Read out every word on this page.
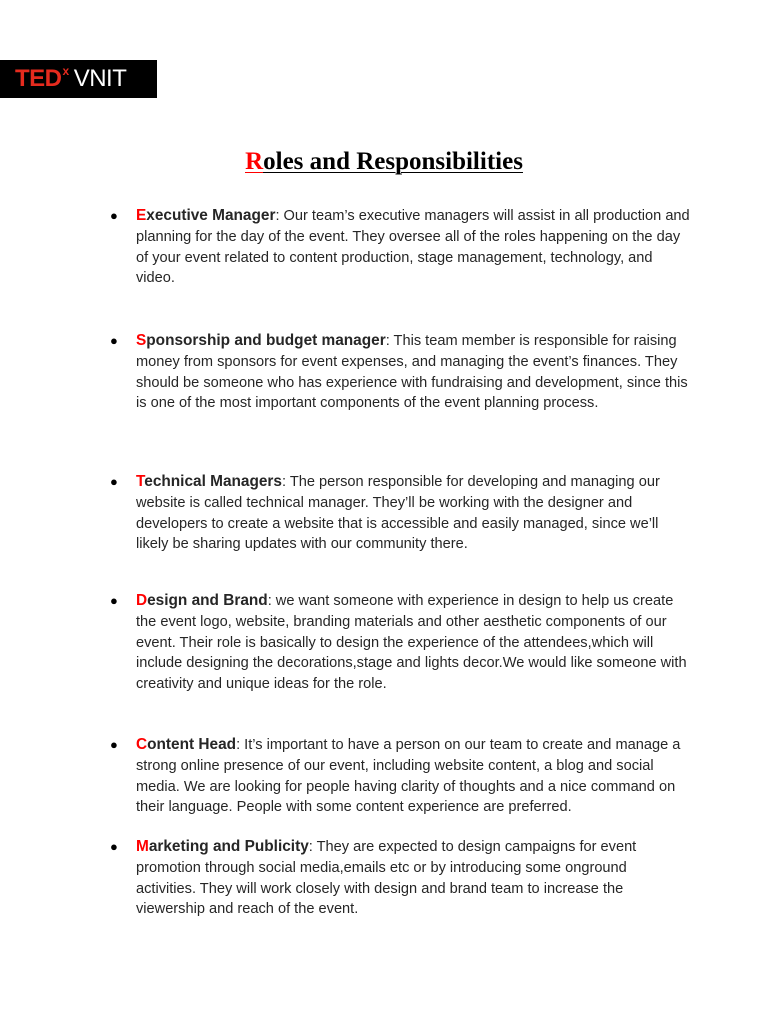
TED x VNIT
Roles and Responsibilities
●	Executive Manager: Our team’s executive managers will assist in all production and planning for the day of the event. They oversee all of the roles happening on the day of your event related to content production, stage management, technology, and video.
●	Sponsorship and budget manager: This team member is responsible for raising money from sponsors for event expenses, and managing the event’s finances. They should be someone who has experience with fundraising and development, since this is one of the most important components of the event planning process.
●	Technical Managers: The person responsible for developing and managing our website is called technical manager. They’ll be working with the designer and developers to create a website that is accessible and easily managed, since we’ll likely be sharing updates with our community there.
●	Design and Brand: we want someone with experience in design to help us create the event logo, website, branding materials and other aesthetic components of our event. Their role is basically to design the experience of the attendees,which will include designing the decorations,stage and lights decor.We would like someone with creativity and unique ideas for the role.
●	Content Head: It’s important to have a person on our team to create and manage a strong online presence of our event, including website content, a blog and social media. We are looking for people having clarity of thoughts and a nice command on their language. People with some content experience are preferred.
●	Marketing and Publicity: They are expected to design campaigns for event promotion through social media,emails etc or by introducing some onground activities. They will work closely with design and brand team to increase the viewership and reach of the event.
